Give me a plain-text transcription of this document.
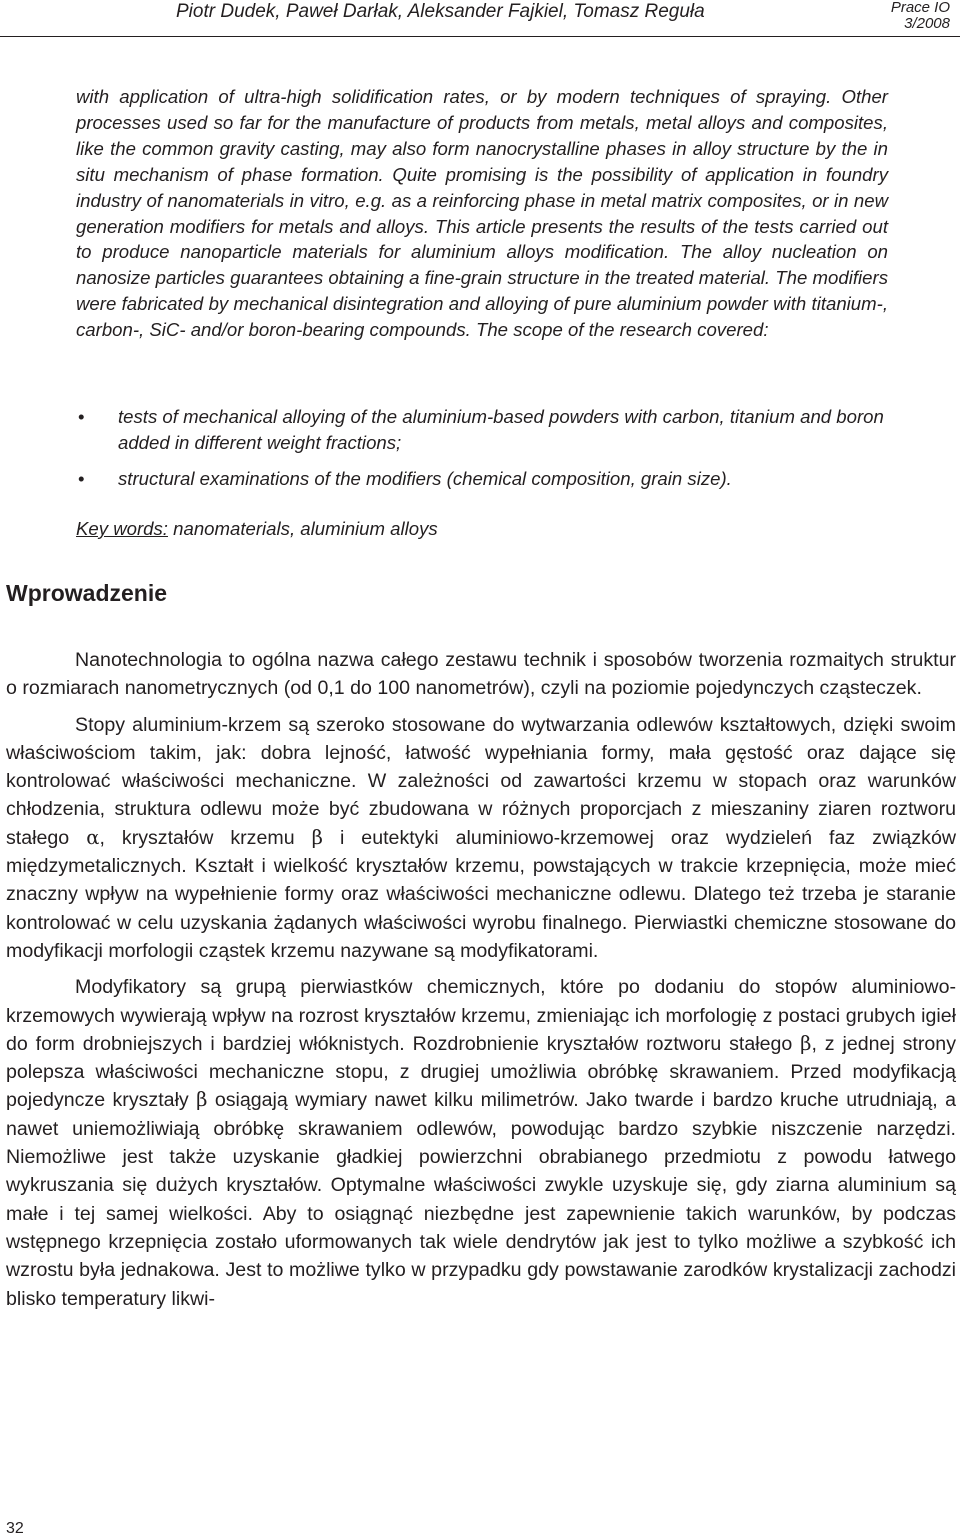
Piotr Dudek, Paweł Darłak, Aleksander Fajkiel, Tomasz Reguła	Prace IO
3/2008

with application of ultra-high solidification rates, or by modern techniques of spraying. Other processes used so far for the manufacture of products from metals, metal alloys and composites, like the common gravity casting, may also form nanocrystalline phases in alloy structure by the in situ mechanism of phase formation. Quite promising is the possibility of application in foundry industry of nanomaterials in vitro, e.g. as a reinforcing phase in metal matrix composites, or in new generation modifiers for metals and alloys. This article presents the results of the tests carried out to produce nanoparticle materials for aluminium alloys modification. The alloy nucleation on nanosize particles guarantees obtaining a fine-grain structure in the treated material. The modifiers were fabricated by mechanical disintegration and alloying of pure aluminium powder with titanium-, carbon-, SiC- and/or boron-bearing compounds. The scope of the research covered:

• tests of mechanical alloying of the aluminium-based powders with carbon, titanium and boron added in different weight fractions;
• structural examinations of the modifiers (chemical composition, grain size).
Key words: nanomaterials, aluminium alloys
Wprowadzenie

Nanotechnologia to ogólna nazwa całego zestawu technik i sposobów tworzenia rozmaitych struktur o rozmiarach nanometrycznych (od 0,1 do 100 nanometrów), czyli na poziomie pojedynczych cząsteczek.

Stopy aluminium-krzem są szeroko stosowane do wytwarzania odlewów kształtowych, dzięki swoim właściwościom takim, jak: dobra lejność, łatwość wypełniania formy, mała gęstość oraz dające się kontrolować właściwości mechaniczne. W zależności od zawartości krzemu w stopach oraz warunków chłodzenia, struktura odlewu może być zbudowana w różnych proporcjach z mieszaniny ziaren roztworu stałego α, kryształów krzemu β i eutektyki aluminiowo-krzemowej oraz wydzieleń faz związków międzymetalicznych. Kształt i wielkość kryształów krzemu, powstających w trakcie krzepnięcia, może mieć znaczny wpływ na wypełnienie formy oraz właściwości mechaniczne odlewu. Dlatego też trzeba je staranie kontrolować w celu uzyskania żądanych właściwości wyrobu finalnego. Pierwiastki chemiczne stosowane do modyfikacji morfologii cząstek krzemu nazywane są modyfikatorami.

Modyfikatory są grupą pierwiastków chemicznych, które po dodaniu do stopów aluminiowo-krzemowych wywierają wpływ na rozrost kryształów krzemu, zmieniając ich morfologię z postaci grubych igieł do form drobniejszych i bardziej włóknistych. Rozdrobnienie kryształów roztworu stałego β, z jednej strony polepsza właściwości mechaniczne stopu, z drugiej umożliwia obróbkę skrawaniem. Przed modyfikacją pojedyncze kryształy β osiągają wymiary nawet kilku milimetrów. Jako twarde i bardzo kruche utrudniają, a nawet uniemożliwiają obróbkę skrawaniem odlewów, powodując bardzo szybkie niszczenie narzędzi. Niemożliwe jest także uzyskanie gładkiej powierzchni obrabianego przedmiotu z powodu łatwego wykruszania się dużych kryształów. Optymalne właściwości zwykle uzyskuje się, gdy ziarna aluminium są małe i tej samej wielkości. Aby to osiągnąć niezbędne jest zapewnienie takich warunków, by podczas wstępnego krzepnięcia zostało uformowanych tak wiele dendrytów jak jest to tylko możliwe a szybkość ich wzrostu była jednakowa. Jest to możliwe tylko w przypadku gdy powstawanie zarodków krystalizacji zachodzi blisko temperatury likwi-

32
